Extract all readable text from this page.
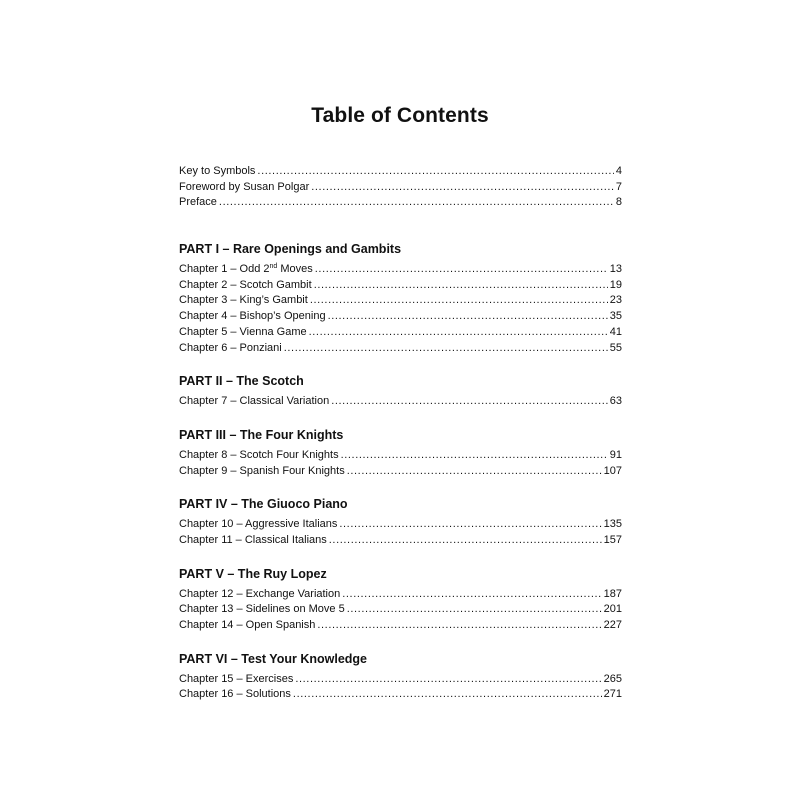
Table of Contents
Key to Symbols .....	4
Foreword by Susan Polgar .....	7
Preface .....	8
PART I – Rare Openings and Gambits
Chapter 1 – Odd 2nd Moves .....	13
Chapter 2 – Scotch Gambit .....	19
Chapter 3 – King’s Gambit .....	23
Chapter 4 – Bishop’s Opening .....	35
Chapter 5 – Vienna Game .....	41
Chapter 6 – Ponziani .....	55
PART II – The Scotch
Chapter 7 – Classical Variation .....	63
PART III – The Four Knights
Chapter 8 – Scotch Four Knights .....	91
Chapter 9 – Spanish Four Knights .....	107
PART IV – The Giuoco Piano
Chapter 10 – Aggressive Italians .....	135
Chapter 11 – Classical Italians .....	157
PART V – The Ruy Lopez
Chapter 12 – Exchange Variation .....	187
Chapter 13 – Sidelines on Move 5 .....	201
Chapter 14 – Open Spanish .....	227
PART VI – Test Your Knowledge
Chapter 15 – Exercises .....	265
Chapter 16 – Solutions .....	271
